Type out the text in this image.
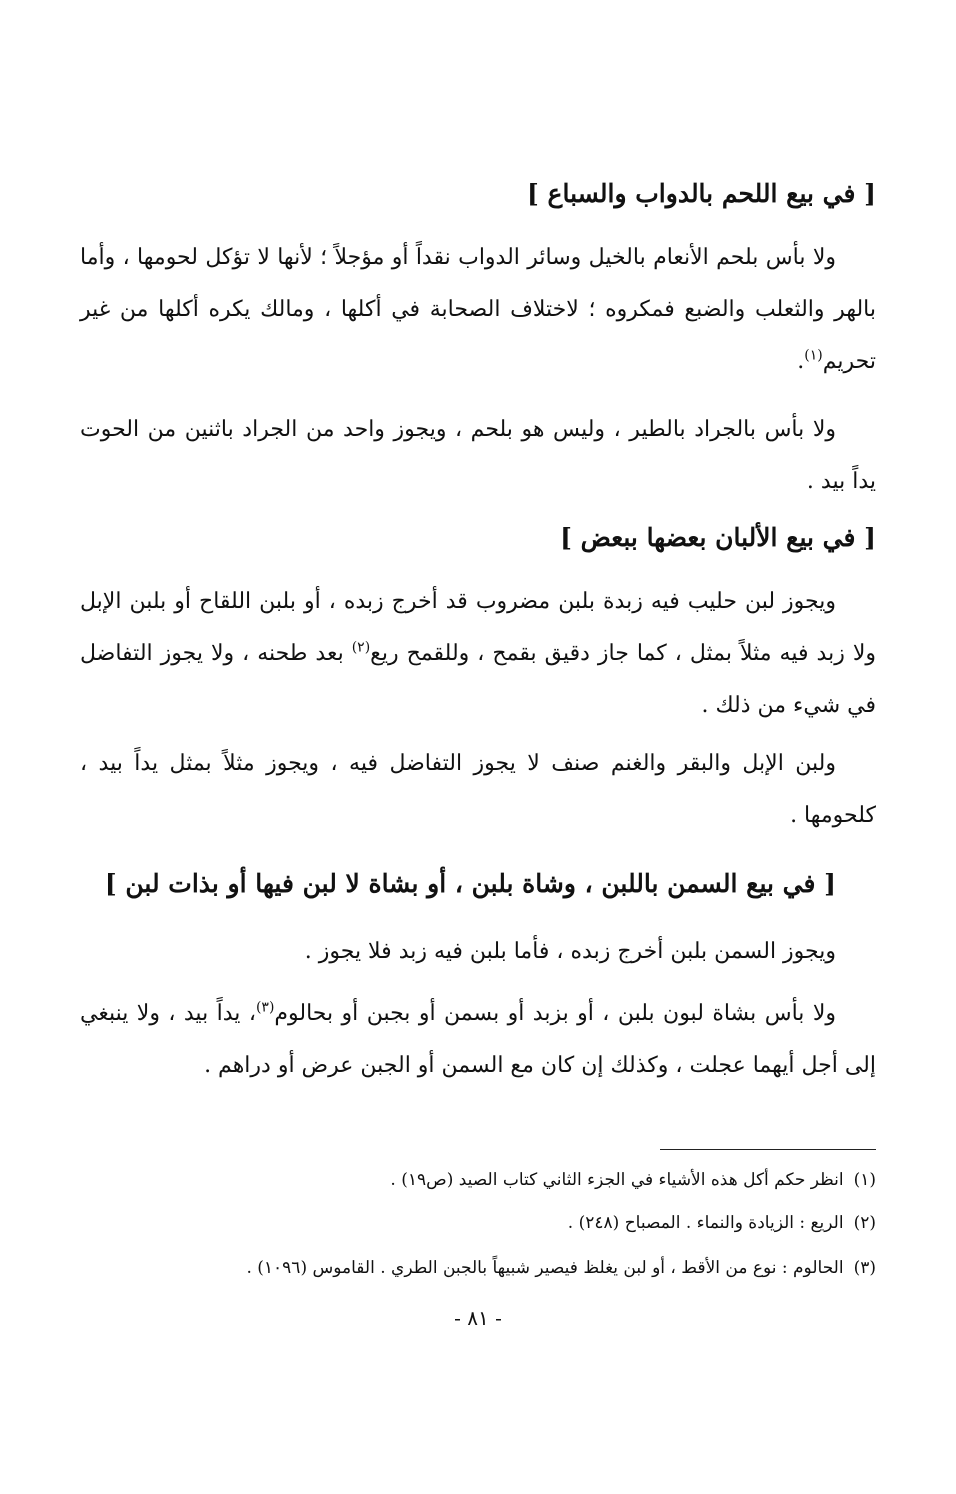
[ في بيع اللحم بالدواب والسباع ]

ولا بأس بلحم الأنعام بالخيل وسائر الدواب نقداً أو مؤجلاً ؛ لأنها لا تؤكل لحومها ، وأما بالهر والثعلب والضبع فمكروه ؛ لاختلاف الصحابة في أكلها ، ومالك يكره أكلها من غير تحريم$^{(١)}$.

ولا بأس بالجراد بالطير ، وليس هو بلحم ، ويجوز واحد من الجراد باثنين من الحوت يداً بيد .

[ في بيع الألبان بعضها ببعض ]

ويجوز لبن حليب فيه زبدة بلبن مضروب قد أخرج زبده ، أو بلبن اللقاح أو بلبن الإبل ولا زبد فيه مثلاً بمثل ، كما جاز دقيق بقمح ، وللقمح ريع$^{(٢)}$ بعد طحنه ، ولا يجوز التفاضل في شيء من ذلك .

ولبن الإبل والبقر والغنم صنف لا يجوز التفاضل فيه ، ويجوز مثلاً بمثل يداً بيد ، كلحومها .

[ في بيع السمن باللبن ، وشاة بلبن ، أو بشاة لا لبن فيها أو بذات لبن ]

ويجوز السمن بلبن أخرج زبده ، فأما بلبن فيه زبد فلا يجوز .

ولا بأس بشاة لبون بلبن ، أو بزبد أو بسمن أو بجبن أو بحالوم$^{(٣)}$، يداً بيد ، ولا ينبغي إلى أجل أيهما عجلت ، وكذلك إن كان مع السمن أو الجبن عرض أو دراهم .

(١)انظر حكم أكل هذه الأشياء في الجزء الثاني كتاب الصيد (ص١٩) .

(٢)الريع : الزيادة والنماء . المصباح (٢٤٨) .

(٣)الحالوم : نوع من الأقط ، أو لبن يغلظ فيصير شبيهاً بالجبن الطري . القاموس (١٠٩٦) .

- ٨١ -
